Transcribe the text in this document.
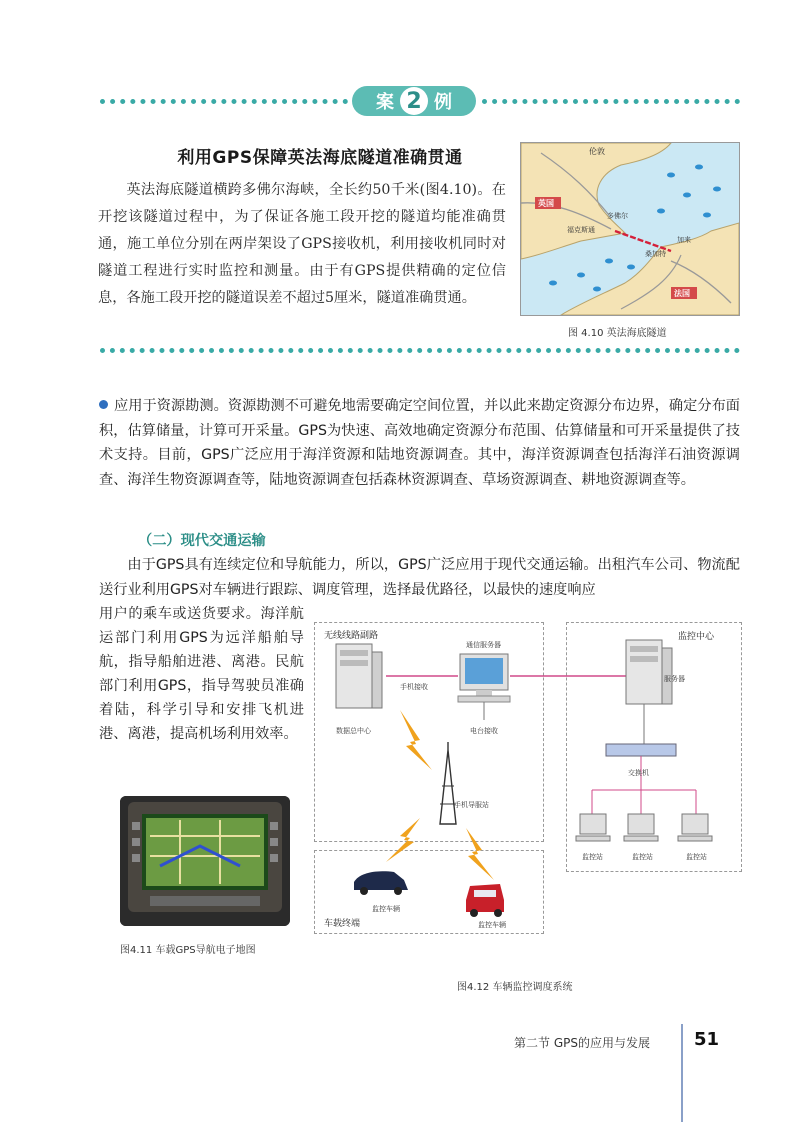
案 2 例
利用GPS保障英法海底隧道准确贯通
英法海底隧道横跨多佛尔海峡，全长约50千米(图4.10)。在开挖该隧道过程中，为了保证各施工段开挖的隧道均能准确贯通，施工单位分别在两岸架设了GPS接收机，利用接收机同时对隧道工程进行实时监控和测量。由于有GPS提供精确的定位信息，各施工段开挖的隧道误差不超过5厘米，隧道准确贯通。
伦敦
英国
多佛尔
福克斯通
加来
桑加特
法国
图 4.10 英法海底隧道
应用于资源勘测。资源勘测不可避免地需要确定空间位置，并以此来勘定资源分布边界，确定分布面积，估算储量，计算可开采量。GPS为快速、高效地确定资源分布范围、估算储量和可开采量提供了技术支持。目前，GPS广泛应用于海洋资源和陆地资源调查。其中，海洋资源调查包括海洋石油资源调查、海洋生物资源调查等，陆地资源调查包括森林资源调查、草场资源调查、耕地资源调查等。
（二）现代交通运输
由于GPS具有连续定位和导航能力，所以，GPS广泛应用于现代交通运输。出租汽车公司、物流配送行业利用GPS对车辆进行跟踪、调度管理，选择最优路径，以最快的速度响应
用户的乘车或送货要求。海洋航运部门利用GPS为远洋船舶导航，指导船舶进港、离港。民航部门利用GPS，指导驾驶员准确着陆，科学引导和安排飞机进港、离港，提高机场利用效率。
图4.11 车载GPS导航电子地图
无线线路副路	监控中心
车载终端
通信服务器
手机接收
数据总中心	电台接收
手机导服站
服务器
交换机
监控站	监控站	监控站
监控车辆
监控车辆
图4.12 车辆监控调度系统
第二节 GPS的应用与发展 51
